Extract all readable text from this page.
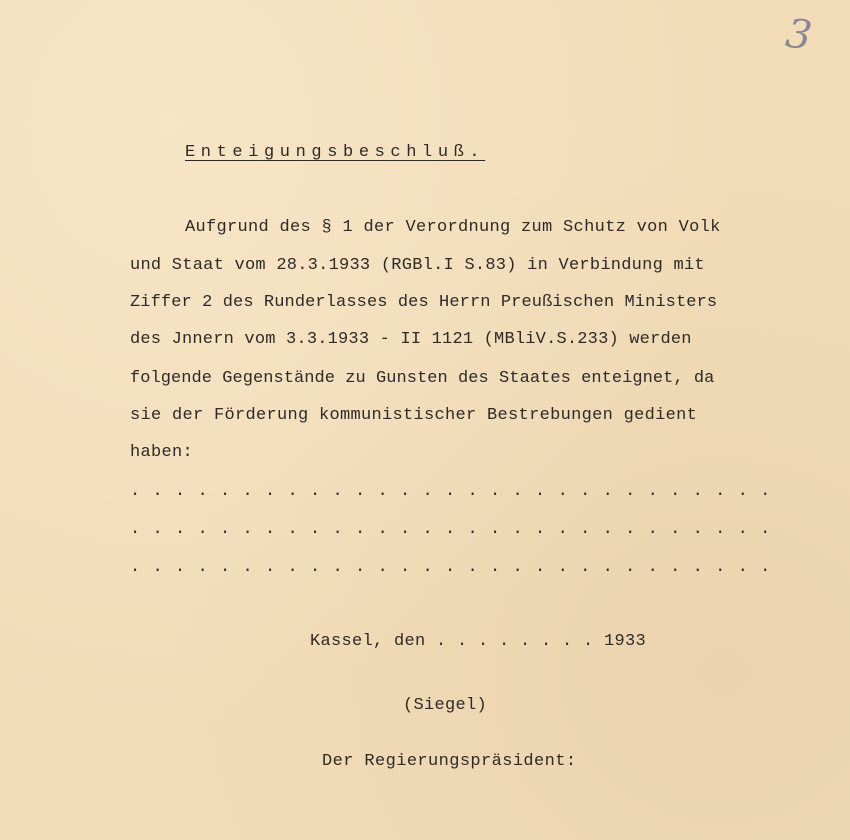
3
Enteigungsbeschluß.
Aufgrund des § 1 der Verordnung zum Schutz von Volk
und Staat vom 28.3.1933 (RGBl.I S.83) in Verbindung mit
Ziffer 2 des Runderlasses des Herrn Preußischen Ministers
des Jnnern vom 3.3.1933 - II 1121 (MBliV.S.233) werden
folgende Gegenstände zu Gunsten des Staates enteignet, da
sie der Förderung kommunistischer Bestrebungen gedient
haben:
. . . . . . . . . . . . . . . . . . . . . . . . . . . . .
. . . . . . . . . . . . . . . . . . . . . . . . . . . . .
. . . . . . . . . . . . . . . . . . . . . . . . . . . . .
Kassel, den . . . . . . . . 1933
(Siegel)
Der Regierungspräsident:
